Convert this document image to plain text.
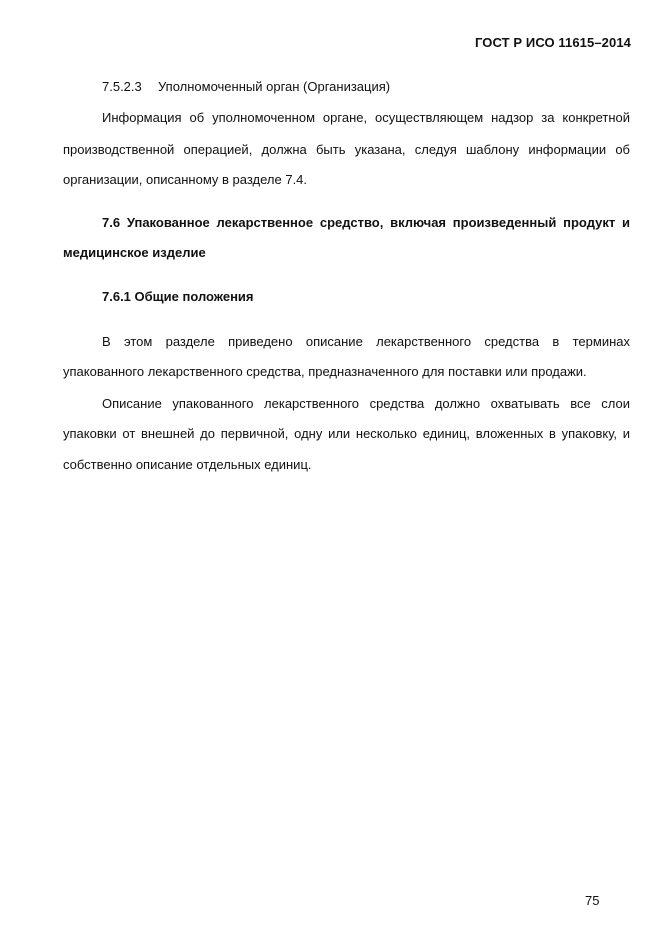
ГОСТ Р ИСО 11615–2014
7.5.2.3 Уполномоченный орган (Организация)
Информация об уполномоченном органе, осуществляющем надзор за конкретной
производственной операцией, должна быть указана, следуя шаблону информации об
организации, описанному в разделе 7.4.
7.6 Упакованное лекарственное средство, включая произведенный продукт и
медицинское изделие
7.6.1 Общие положения
В этом разделе приведено описание лекарственного средства в терминах
упакованного лекарственного средства, предназначенного для поставки или продажи.
Описание упакованного лекарственного средства должно охватывать все слои
упаковки от внешней до первичной, одну или несколько единиц, вложенных в упаковку, и
собственно описание отдельных единиц.
75
